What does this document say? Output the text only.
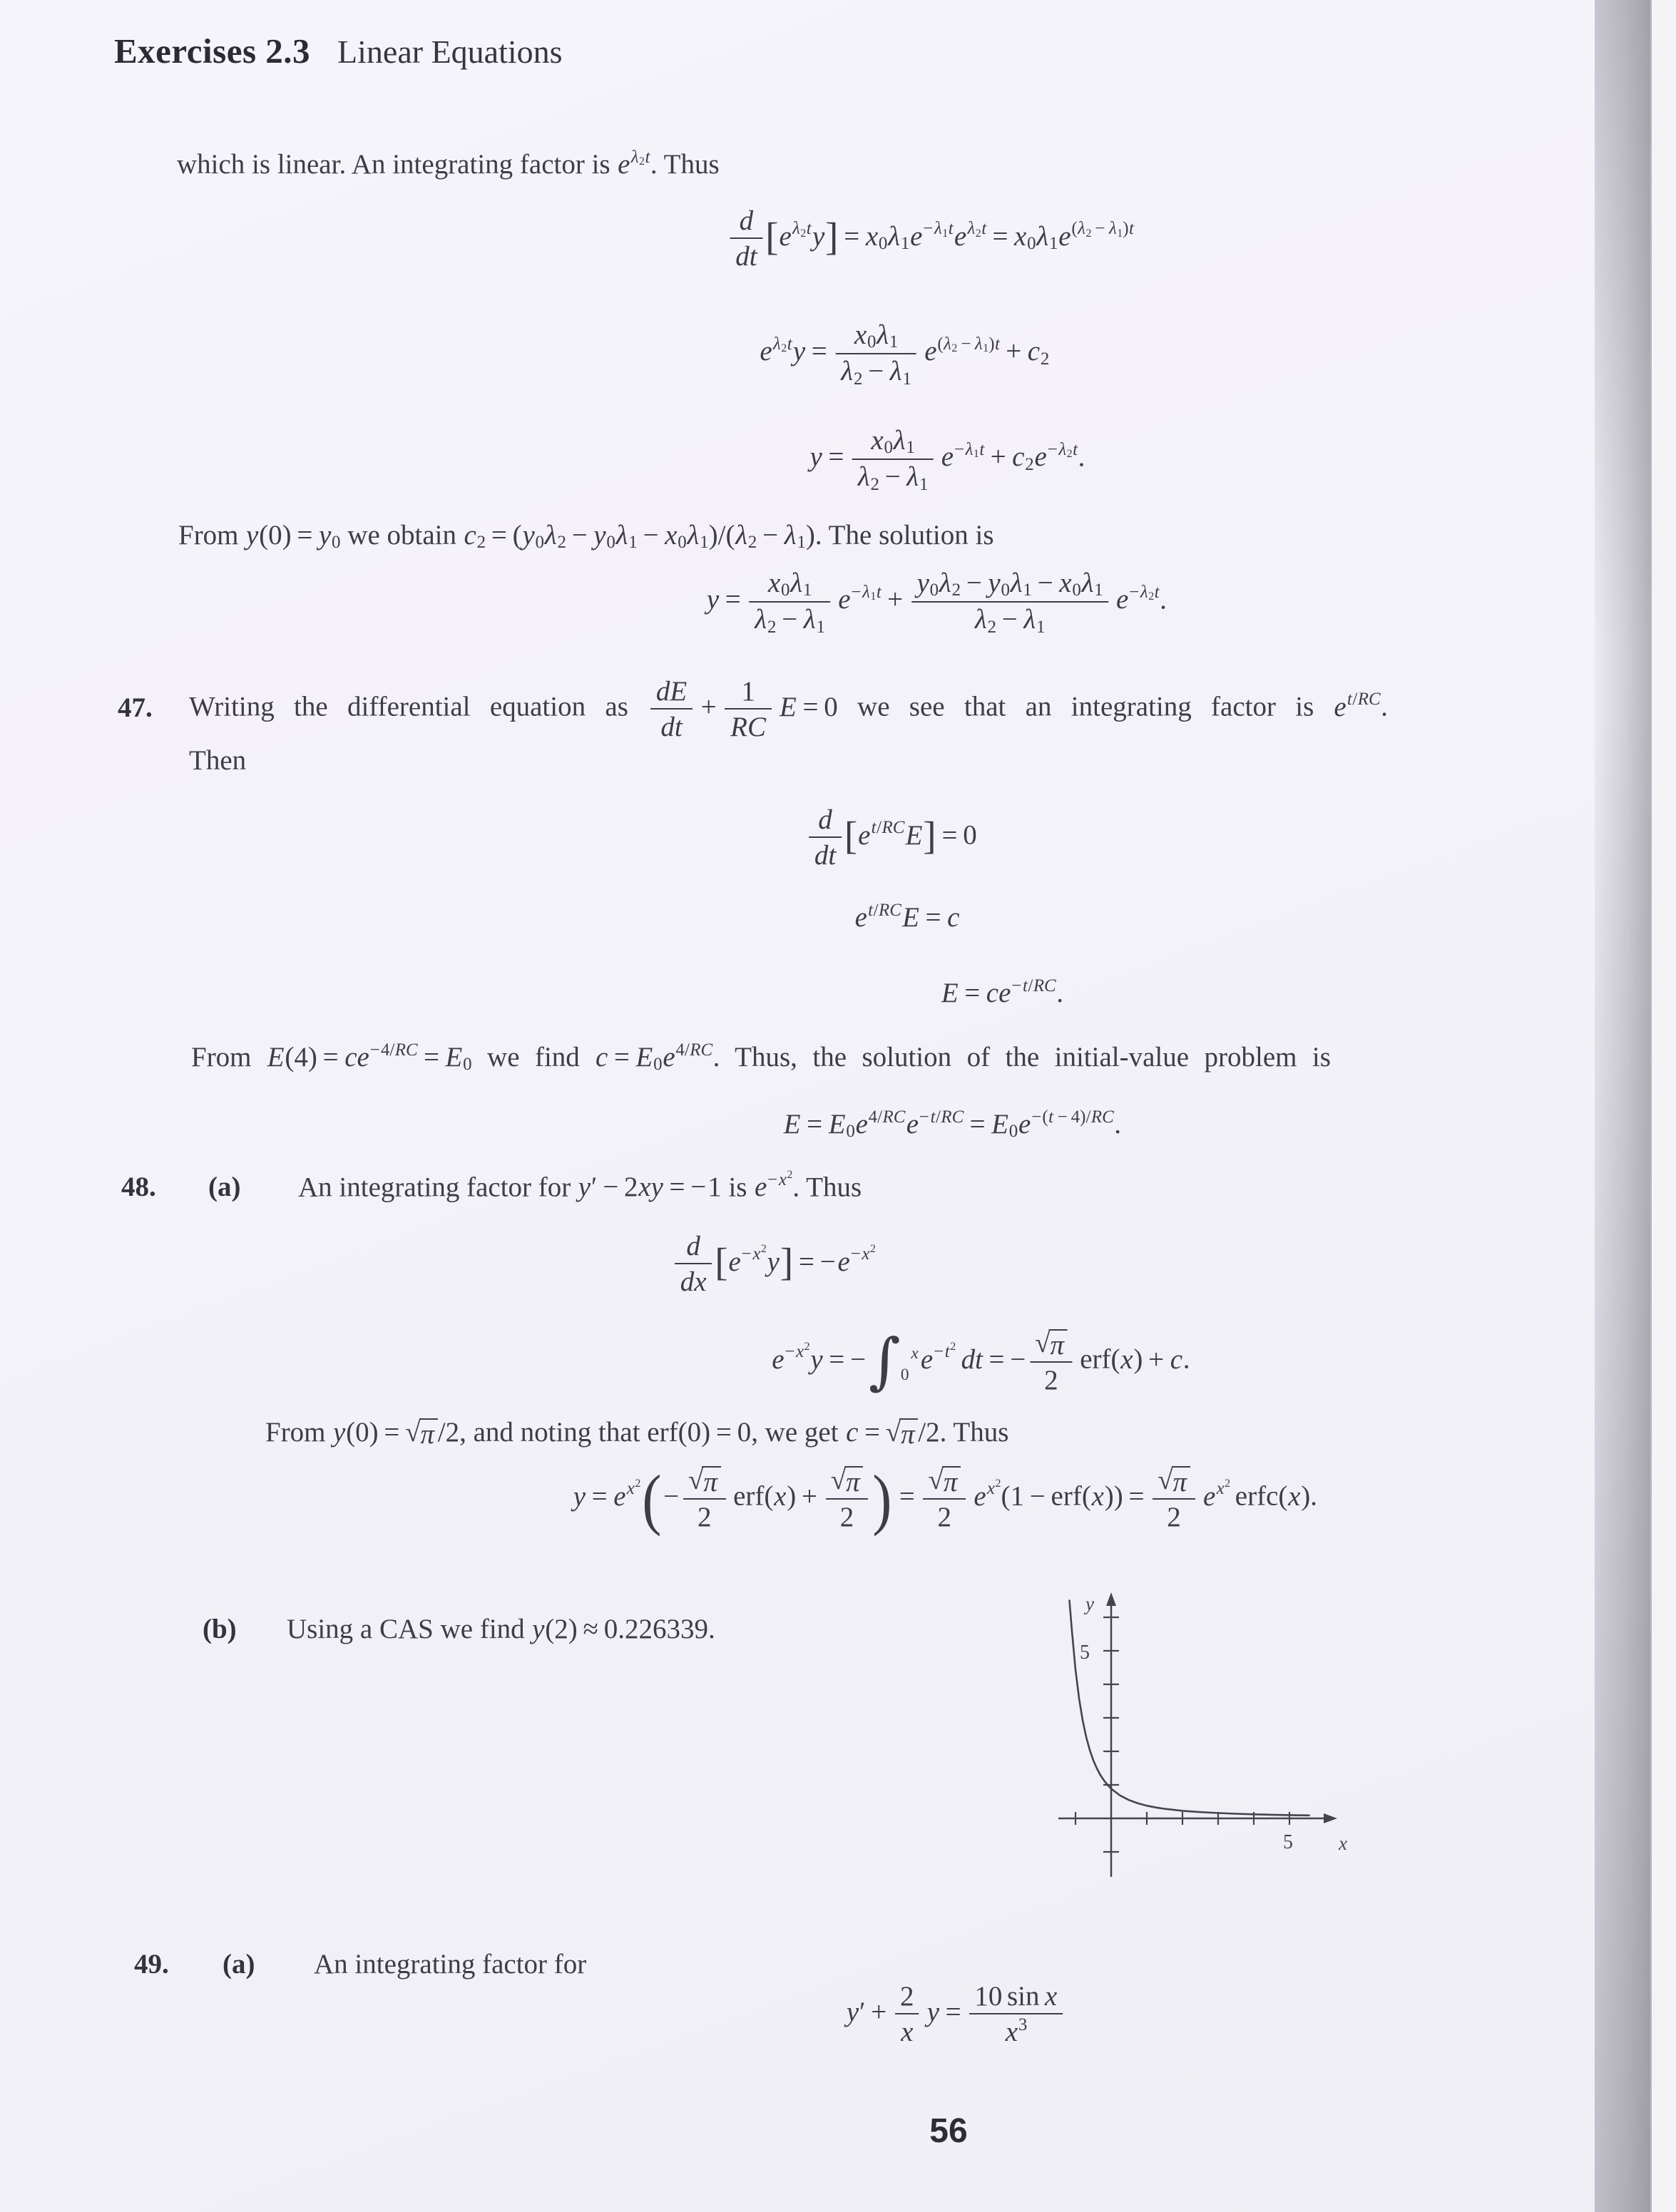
Exercises 2.3 Linear Equations
which is linear. An integrating factor is eλ2t. Thus
$\frac{d}{dt} [e\lambda 2ty] = x0\lambda 1e-\lambda 1te\lambda 2t = x0\lambda 1e(\lambda 2 - \lambda 1)t$
$e\lambda 2ty = \frac{x0\lambda 1}{\lambda 2 - \lambda 1} e(\lambda 2 - \lambda 1)t + c2$
$y = \frac{x0\lambda 1}{\lambda 2 - \lambda 1} e-\lambda 1t + c2e-\lambda 2t$.
From y(0) = y0 we obtain c2 = (y0λ2 − y0λ1 − x0λ1)/(λ2 − λ1). The solution is
$y = \frac{x0\lambda 1}{\lambda 2 - \lambda 1} e-\lambda 1t + \frac{y0\lambda 2 - y0\lambda 1 - x0\lambda 1}{\lambda 2 - \lambda 1} e-\lambda 2t$.
47. Writing the differential equation as $\frac{dE}{dt} + \frac{1}{RC}$ E = 0 we see that an integrating factor is et/RC.
Then
$\frac{d}{dt} [et/RCE] = 0$
et/RCE = c
E = ce−t/RC.
From E(4) = ce−4/RC = E0 we find c = E0e4/RC. Thus, the solution of the initial-value problem is
E = E0e4/RCe−t/RC = E0e−(t − 4)/RC.
48. (a) An integrating factor for y′ − 2xy = −1 is e−x2. Thus
$\frac{d}{dx} [e-x2y] = -e-x2$
e−x2y = − ∫ x
0
e−t2 dt = − $\frac{√ \pi}{2} erf(x) + c$.
From y(0) = √ π /2, and noting that erf(0) = 0, we get c = √ π /2. Thus
$y = ex2(- \frac{√ \pi}{2} erf(x) + \frac{√ \pi}{2}$ ) = $\frac{√ \pi}{2} ex2(1 - erf(x)) = \frac{√ \pi}{2} ex2$ erfc(x).
(b) Using a CAS we find y(2) ≈ 0.226339.
5
5
x
y
49. (a) An integrating factor for
$y' + \frac{2}{x}$ $y = \frac{\text{10 sin x}}{x3}$
56
